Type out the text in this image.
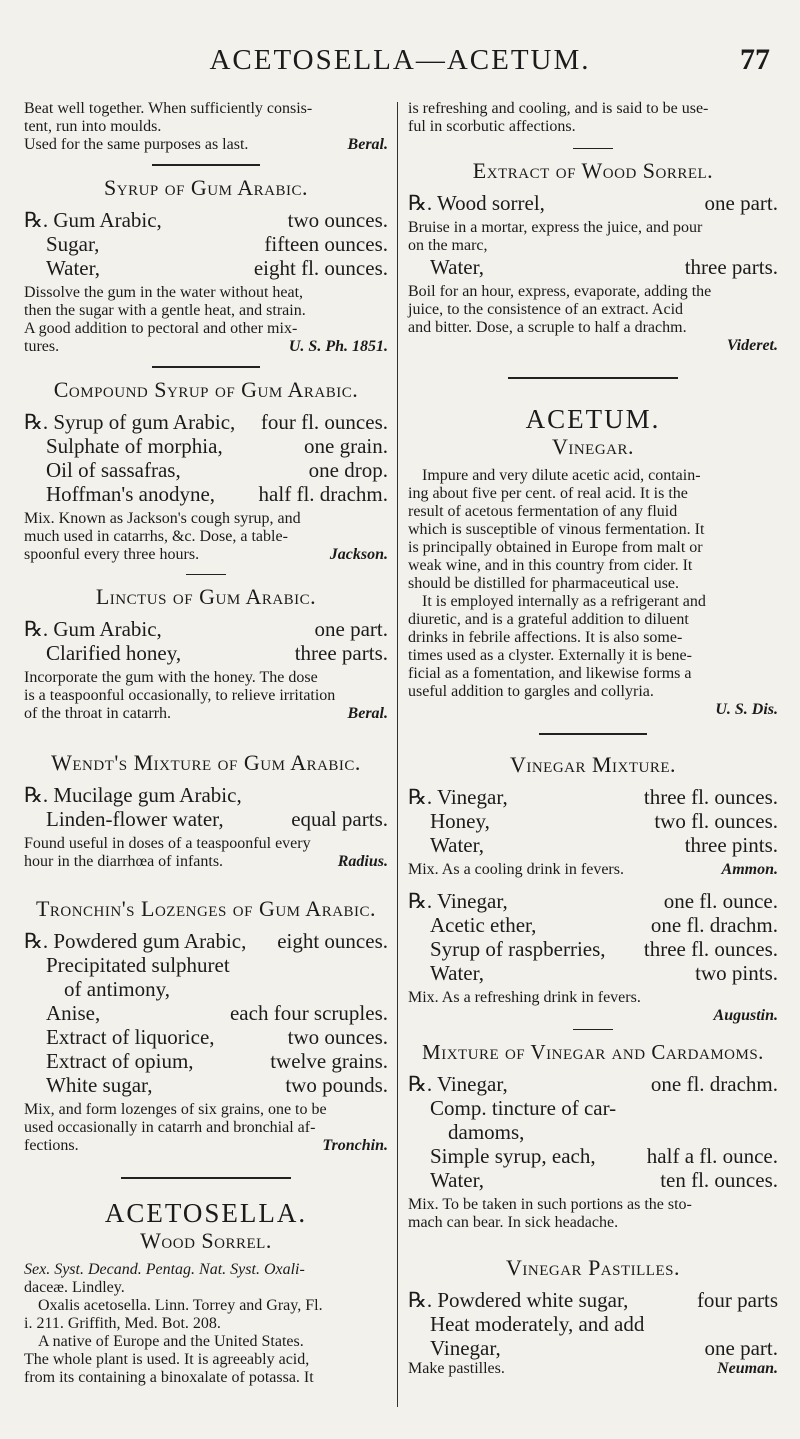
ACETOSELLA—ACETUM.	77
Beat well together. When sufficiently consis-
tent, run into moulds.
Used for the same purposes as last.	Beral.
Syrup of Gum Arabic.
℞. Gum Arabic,	two ounces.
Sugar,	fifteen ounces.
Water,	eight fl. ounces.
Dissolve the gum in the water without heat,
then the sugar with a gentle heat, and strain.
A good addition to pectoral and other mix-
tures.	U. S. Ph. 1851.
Compound Syrup of Gum Arabic.
℞. Syrup of gum Arabic, four fl. ounces.
Sulphate of morphia,	one grain.
Oil of sassafras,	one drop.
Hoffman's anodyne, half fl. drachm.
Mix. Known as Jackson's cough syrup, and
much used in catarrhs, &c. Dose, a table-
spoonful every three hours.	Jackson.
Linctus of Gum Arabic.
℞. Gum Arabic,	one part.
Clarified honey,	three parts.
Incorporate the gum with the honey. The dose
is a teaspoonful occasionally, to relieve irritation
of the throat in catarrh.	Beral.
Wendt's Mixture of Gum Arabic.
℞. Mucilage gum Arabic,
Linden-flower water,	equal parts.
Found useful in doses of a teaspoonful every
hour in the diarrhœa of infants.	Radius.
Tronchin's Lozenges of Gum Arabic.
℞. Powdered gum Arabic, eight ounces.
Precipitated sulphuret
of antimony,
Anise,	each four scruples.
Extract of liquorice,	two ounces.
Extract of opium,	twelve grains.
White sugar,	two pounds.
Mix, and form lozenges of six grains, one to be
used occasionally in catarrh and bronchial af-
fections.	Tronchin.
ACETOSELLA.
Wood Sorrel.
Sex. Syst. Decand. Pentag. Nat. Syst. Oxali-
daceæ. Lindley.
Oxalis acetosella. Linn. Torrey and Gray, Fl.
i. 211. Griffith, Med. Bot. 208.
A native of Europe and the United States.
The whole plant is used. It is agreeably acid,
from its containing a binoxalate of potassa. It
is refreshing and cooling, and is said to be use-
ful in scorbutic affections.
Extract of Wood Sorrel.
℞. Wood sorrel,	one part.
Bruise in a mortar, express the juice, and pour
on the marc,
Water,	three parts.
Boil for an hour, express, evaporate, adding the
juice, to the consistence of an extract. Acid
and bitter. Dose, a scruple to half a drachm.
Videret.
ACETUM.
Vinegar.
Impure and very dilute acetic acid, contain-
ing about five per cent. of real acid. It is the
result of acetous fermentation of any fluid
which is susceptible of vinous fermentation. It
is principally obtained in Europe from malt or
weak wine, and in this country from cider. It
should be distilled for pharmaceutical use.
It is employed internally as a refrigerant and
diuretic, and is a grateful addition to diluent
drinks in febrile affections. It is also some-
times used as a clyster. Externally it is bene-
ficial as a fomentation, and likewise forms a
useful addition to gargles and collyria.
U. S. Dis.
Vinegar Mixture.
℞. Vinegar,	three fl. ounces.
Honey,	two fl. ounces.
Water,	three pints.
Mix. As a cooling drink in fevers.	Ammon.
℞. Vinegar,	one fl. ounce.
Acetic ether,	one fl. drachm.
Syrup of raspberries, three fl. ounces.
Water,	two pints.
Mix. As a refreshing drink in fevers.
Augustin.
Mixture of Vinegar and Cardamoms.
℞. Vinegar,	one fl. drachm.
Comp. tincture of car-
damoms,
Simple syrup, each, half a fl. ounce.
Water,	ten fl. ounces.
Mix. To be taken in such portions as the sto-
mach can bear. In sick headache.
Vinegar Pastilles.
℞. Powdered white sugar,	four parts
Heat moderately, and add
Vinegar,	one part.
Make pastilles.	Neuman.
